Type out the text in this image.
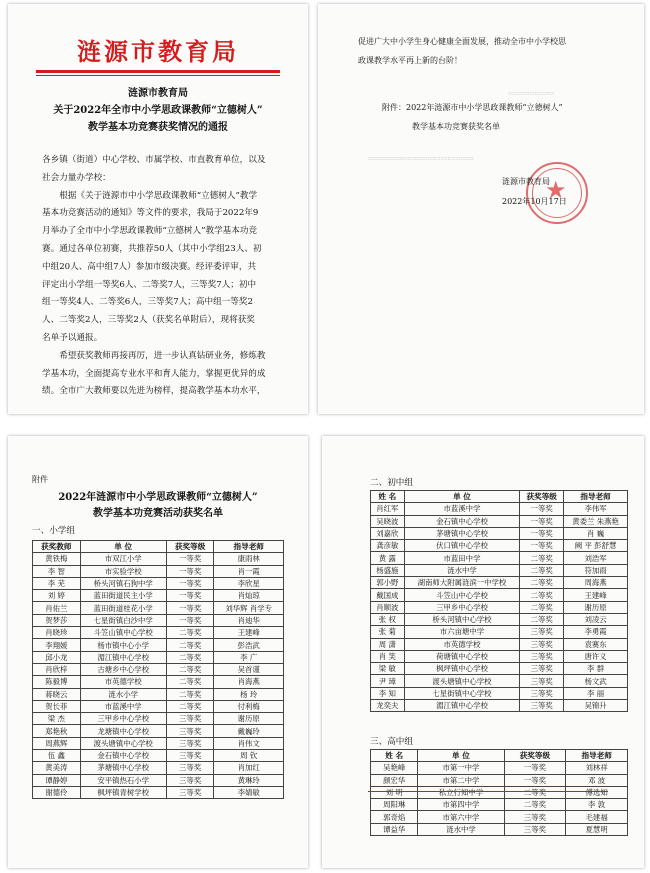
涟源市教育局
涟源市教育局
关于2022年全市中小学思政课教师“立德树人”
教学基本功竞赛获奖情况的通报

各乡镇（街道）中心学校、市属学校、市直教育单位，以及

社会力量办学校：

根据《关于涟源市中小学思政课教师“立德树人”教学

基本功竞赛活动的通知》等文件的要求，我局于2022年9

月举办了全市中小学思政课教师“立德树人”教学基本功竞

赛。通过各单位初赛，共推荐50人（其中小学组23人、初

中组20人、高中组7人）参加市级决赛。经评委评审，共

评定出小学组一等奖6人、二等奖7人，三等奖7人；初中

组一等奖4人、二等奖6人，三等奖7人；高中组一等奖2

人、二等奖2人，三等奖2人（获奖名单附后），现将获奖

名单予以通报。

希望获奖教师再接再厉，进一步认真钻研业务，修炼教

学基本功，全面提高专业水平和育人能力，掌握更优异的成

绩。全市广大教师要以先进为榜样，提高教学基本功水平，

促进广大中小学生身心健康全面发展，推动全市中小学校思
政课教学水平再上新的台阶！
附件：2022年涟源市中小学思政课教师“立德树人”
教学基本功竞赛获奖名单
▭▭▭▭▭▭▭
▭▭▭▭▭▭▭▭▭▭▭▭▭▭▭▭
★
涟源市教育局
2022年10月17日
附件
2022年涟源市中小学思政课教师“立德树人”
教学基本功竞赛活动获奖名单
一、小学组
获奖教师	单 位	获奖等级	指导老师
黄铁梅	市双江小学	一等奖	康雨林
李 智	市实验学校	一等奖	肖一霞
李 芜	桥头河镇石狗中学	一等奖	李欣星
刘 婷	蓝田街道民主小学	一等奖	肖灿琼
肖佑兰	蓝田街道桂花小学	一等奖	刘华辉 肖学专
贺梦莎	七星街镇白沙中学	一等奖	肖迪华
肖晓珍	斗笠山镇中心学校	二等奖	王建峰
李翔媛	杨市镇中心小学	二等奖	彭浩武
邱小龙	湄江镇中心学校	二等奖	李 广
肖欣梓	古塘乡中心学校	二等奖	吴首谨
陈毅博	市英德学校	二等奖	肖海燕
蒋晓云	涟水小学	二等奖	杨 玲
贺长菲	市蓝溪中学	二等奖	付利梅
梁 杰	三甲乡中心学校	三等奖	谢历原
郑艳秋	龙塘镇中心学校	三等奖	戴巍玲
周燕辉	渡头塘镇中心学校	三等奖	肖伟文
伍 鑫	金石镇中心学校	三等奖	周 钦
黄美涛	茅塘镇中心学校	三等奖	肖加红
谭静婷	安平镇热石小学	三等奖	黄琳玲
谢德伶	枫坪镇青树学校	三等奖	李婧敏
二、初中组
姓 名	单 位	获奖等级	指导老师
肖红军	市蓝溪中学	一等奖	李伟军
吴晓波	金石镇中心学校	一等奖	黄委兰 朱燕艳
刘嘉欣	茅塘镇中心学校	一等奖	肖 巍
龚彦敏	伏口镇中心学校	一等奖	阙 平 彭舒慧
黄 露	市蓝田中学	二等奖	刘浩军
杨盛施	涟水中学	二等奖	符加雨
郭小野	湖南师大附属涟滨一中学校	二等奖	周海燕
戴国成	斗笠山中心学校	二等奖	王建峰
肖顺波	三甲乡中心学校	二等奖	谢历原
张 权	桥头河镇中心学校	二等奖	刘凌云
张 菊	市六亩塘中学	三等奖	李勇霞
周 潇	市英德学校	三等奖	袁赛东
肖 笑	荷塘镇中心学校	三等奖	唐许义
梁 敏	枫坪镇中心学校	三等奖	李 群
尹 璋	渡头塘镇中心学校	三等奖	杨文武
李 知	七星街镇中心学校	三等奖	李 丽
龙奕夫	湄江镇中心学校	三等奖	吴锦升
三、高中组
姓 名	单 位	获奖等级	指导老师
吴艳峰	市第一中学	一等奖	刘林祥
颜宏华	市第二中学	一等奖	邓 波
刘 明	私立行知中学	二等奖	傅选知
周阳琳	市第四中学	二等奖	李 敦
郭奇焰	市第六中学	三等奖	毛建福
谭益华	涟水中学	三等奖	夏慧明
